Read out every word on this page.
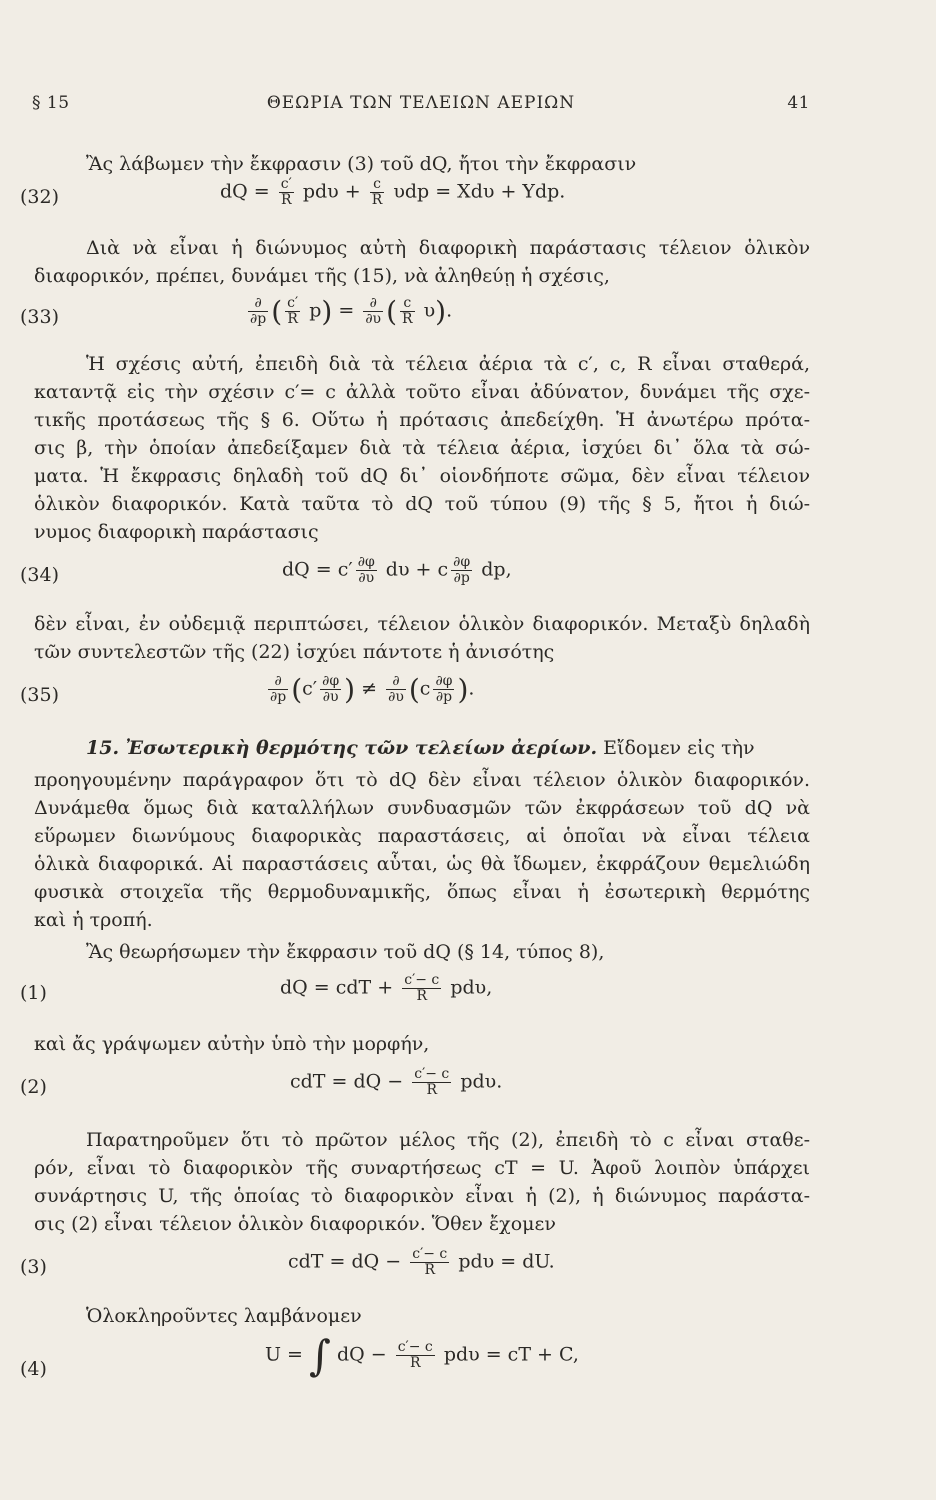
§ 15	ΘΕΩΡΙΑ ΤΩΝ ΤΕΛΕΙΩΝ ΑΕΡΙΩΝ	41
Ἂς λάβωμεν τὴν ἔκφρασιν (3) τοῦ dQ, ἤτοι τὴν ἔκφρασιν
(32)	dQ = $\frac{c'}{R}$ $pd\upsilon + \frac{c}{R}$ υdp = Xdυ + Ydp.
Διὰ νὰ εἶναι ἡ διώνυμος αὐτὴ διαφορικὴ παράστασις τέλειον ὁλικὸν
διαφορικόν, πρέπει, δυνάμει τῆς (15), νὰ ἀληθεύῃ ἡ σχέσις,
(33)	$\frac{\partial}{\partial p}$ ( $\frac{c'}{R} p) = \frac{\partial}{\partial\upsilon}$ ( $\frac{c}{R} \upsilon$).
Ἡ σχέσις αὐτή, ἐπειδὴ διὰ τὰ τέλεια ἀέρια τὰ c′, c, R εἶναι σταθερά,
καταντᾷ εἰς τὴν σχέσιν c′= c ἀλλὰ τοῦτο εἶναι ἀδύνατον, δυνάμει τῆς σχε-
τικῆς προτάσεως τῆς § 6. Οὕτω ἡ πρότασις ἀπεδείχθη. Ἡ ἀνωτέρω πρότα-
σις β, τὴν ὁποίαν ἀπεδείξαμεν διὰ τὰ τέλεια ἀέρια, ἰσχύει δι᾽ ὅλα τὰ σώ-
ματα. Ἡ ἔκφρασις δηλαδὴ τοῦ dQ δι᾽ οἱονδήποτε σῶμα, δὲν εἶναι τέλειον
ὁλικὸν διαφορικόν. Κατὰ ταῦτα τὸ dQ τοῦ τύπου (9) τῆς § 5, ἤτοι ἡ διώ-
νυμος διαφορικὴ παράστασις
(34)	dQ = $c' \frac{\partial\varphi}{\partial\upsilon}$ dυ + c $\frac{\partial\varphi}{\partial p}$ dp,
δὲν εἶναι, ἐν οὐδεμιᾷ περιπτώσει, τέλειον ὁλικὸν διαφορικόν. Μεταξὺ δηλαδὴ
τῶν συντελεστῶν τῆς (22) ἰσχύει πάντοτε ἡ ἀνισότης
(35)	$\frac{\partial}{\partial p} (c' \frac{\partial\varphi}{\partial\upsilon}$ ) ≠ $\frac{\partial}{\partial\upsilon} (c \frac{\partial\varphi}{\partial p}$ ).
15. Ἐσωτερικὴ θερμότης τῶν τελείων ἀερίων. Εἴδομεν εἰς τὴν
προηγουμένην παράγραφον ὅτι τὸ dQ δὲν εἶναι τέλειον ὁλικὸν διαφορικόν.
Δυνάμεθα ὅμως διὰ καταλλήλων συνδυασμῶν τῶν ἐκφράσεων τοῦ dQ νὰ
εὕρωμεν διωνύμους διαφορικὰς παραστάσεις, αἱ ὁποῖαι νὰ εἶναι τέλεια
ὁλικὰ διαφορικά. Αἱ παραστάσεις αὗται, ὡς θὰ ἴδωμεν, ἐκφράζουν θεμελιώδη
φυσικὰ στοιχεῖα τῆς θερμοδυναμικῆς, ὅπως εἶναι ἡ ἐσωτερικὴ θερμότης
καὶ ἡ τροπή.
Ἂς θεωρήσωμεν τὴν ἔκφρασιν τοῦ dQ (§ 14, τύπος 8),
(1)	dQ = cdT + $\frac{c'- c}{R} pd\upsilon$,
καὶ ἄς γράψωμεν αὐτὴν ὑπὸ τὴν μορφήν,
(2)	cdT = dQ − $\frac{c'- c}{R} pd\upsilon$.
Παρατηροῦμεν ὅτι τὸ πρῶτον μέλος τῆς (2), ἐπειδὴ τὸ c εἶναι σταθε-
ρόν, εἶναι τὸ διαφορικὸν τῆς συναρτήσεως cT = U. Ἀφοῦ λοιπὸν ὑπάρχει
συνάρτησις U, τῆς ὁποίας τὸ διαφορικὸν εἶναι ἡ (2), ἡ διώνυμος παράστα-
σις (2) εἶναι τέλειον ὁλικὸν διαφορικόν. Ὅθεν ἔχομεν
(3)	cdT = dQ − $\frac{c'- c}{R}$ pdυ = dU.
Ὁλοκληροῦντες λαμβάνομεν
(4)
U = ∫ dQ − $\frac{c'- c}{R}$ pdυ = cT + C,
